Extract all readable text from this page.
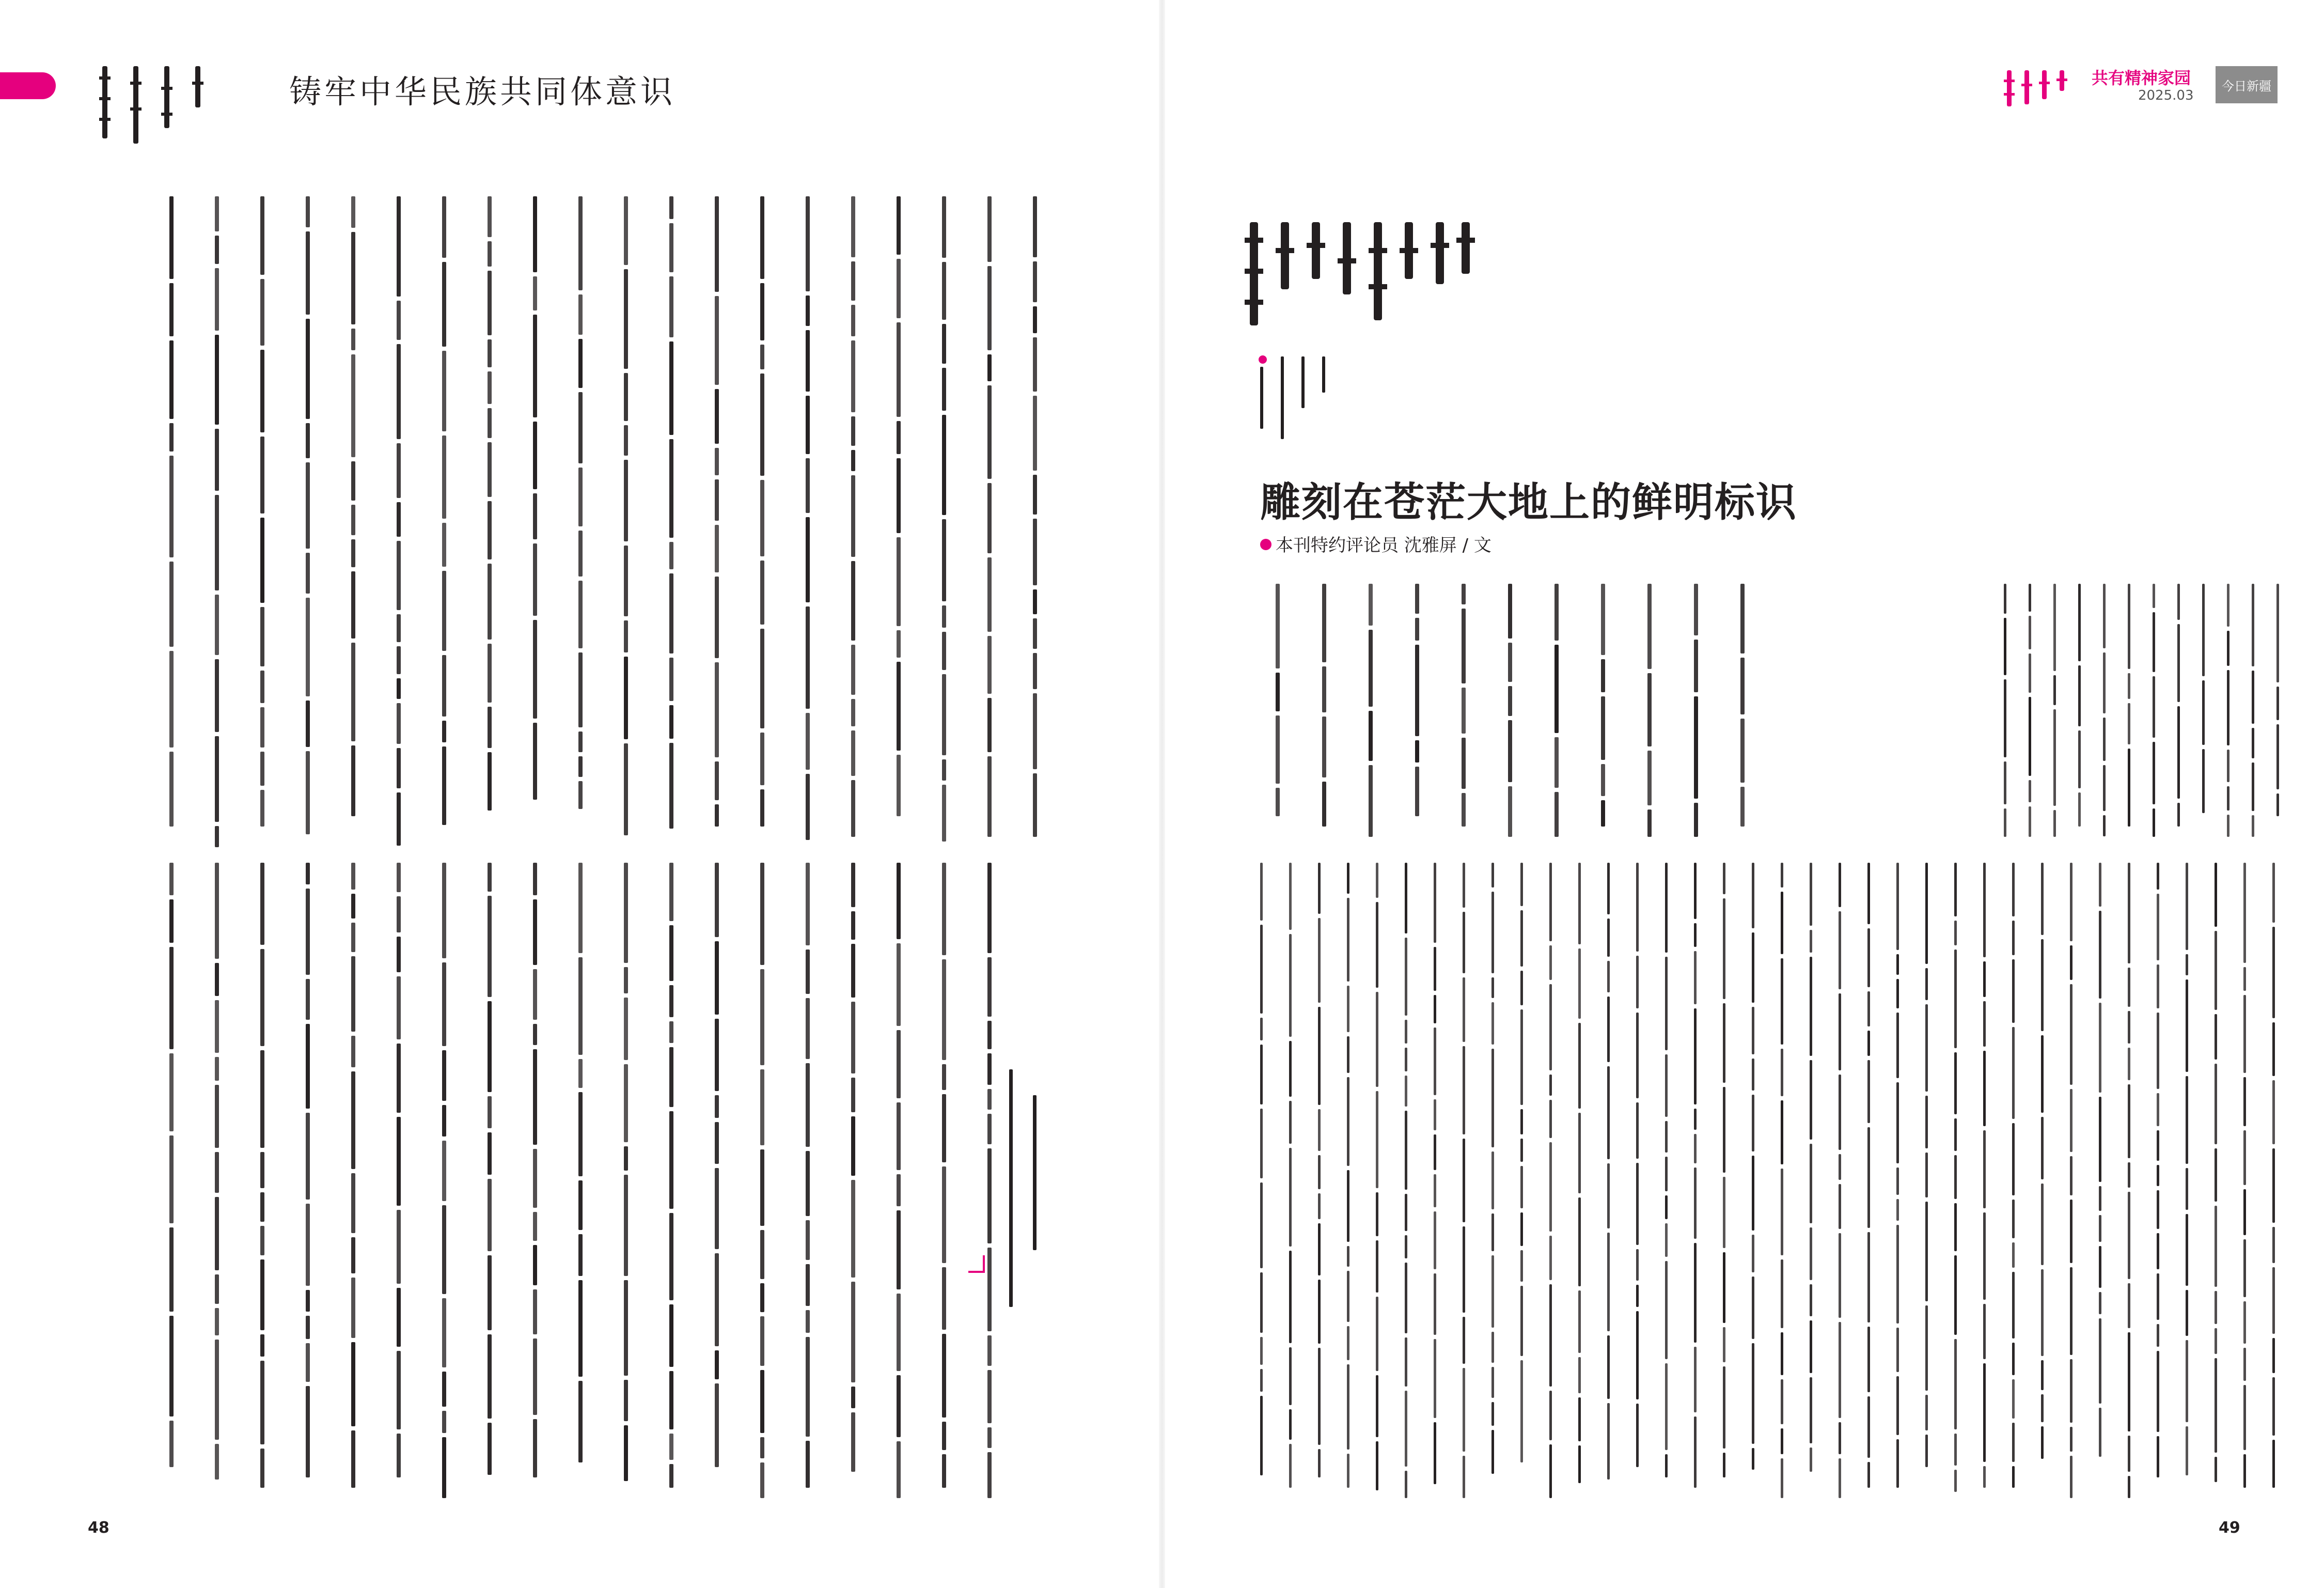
铸牢中华民族共同体意识	共有精神家园
2025.03
今日新疆
雕刻在苍茫大地上的鲜明标识
本刊特约评论员 沈雅屏 / 文
48	49
